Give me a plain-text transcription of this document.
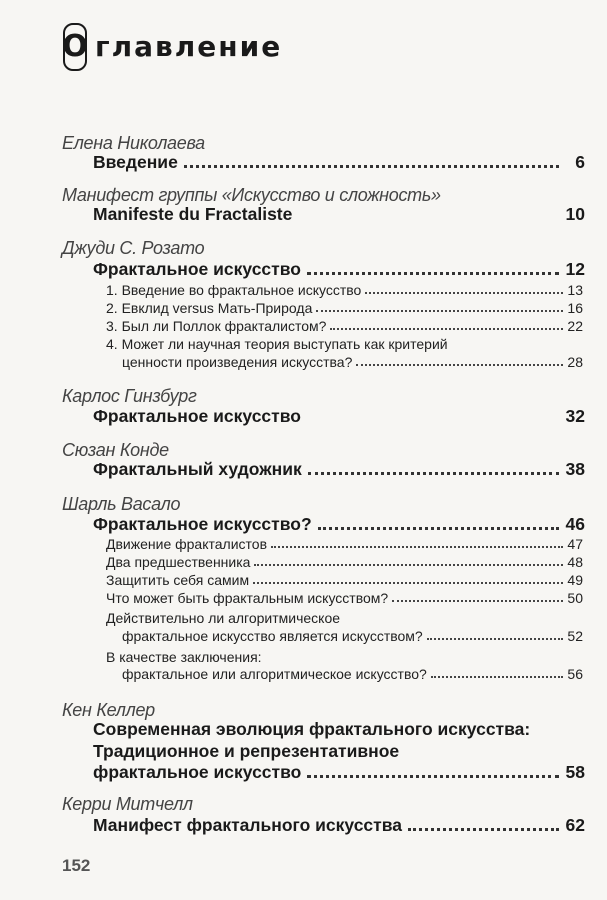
О главление
Елена Николаева
Введение	6
Манифест группы «Искусство и сложность»
Manifeste du Fractaliste	10
Джуди С. Розато
Фрактальное искусство	12
1. Введение во фрактальное искусство	13
2. Евклид versus Мать-Природа	16
3. Был ли Поллок фракталистом?	22
4. Может ли научная теория выступать как критерий
ценности произведения искусства?	28
Карлос Гинзбург
Фрактальное искусство	32
Сюзан Конде
Фрактальный художник	38
Шарль Васало
Фрактальное искусство?	46
Движение фракталистов	47
Два предшественника	48
Защитить себя самим	49
Что может быть фрактальным искусством?	50
Действительно ли алгоритмическое
фрактальное искусство является искусством?	52
В качестве заключения:
фрактальное или алгоритмическое искусство?	56
Кен Келлер
Современная эволюция фрактального искусства:
Традиционное и репрезентативное
фрактальное искусство	58
Керри Митчелл
Манифест фрактального искусства	62
152
